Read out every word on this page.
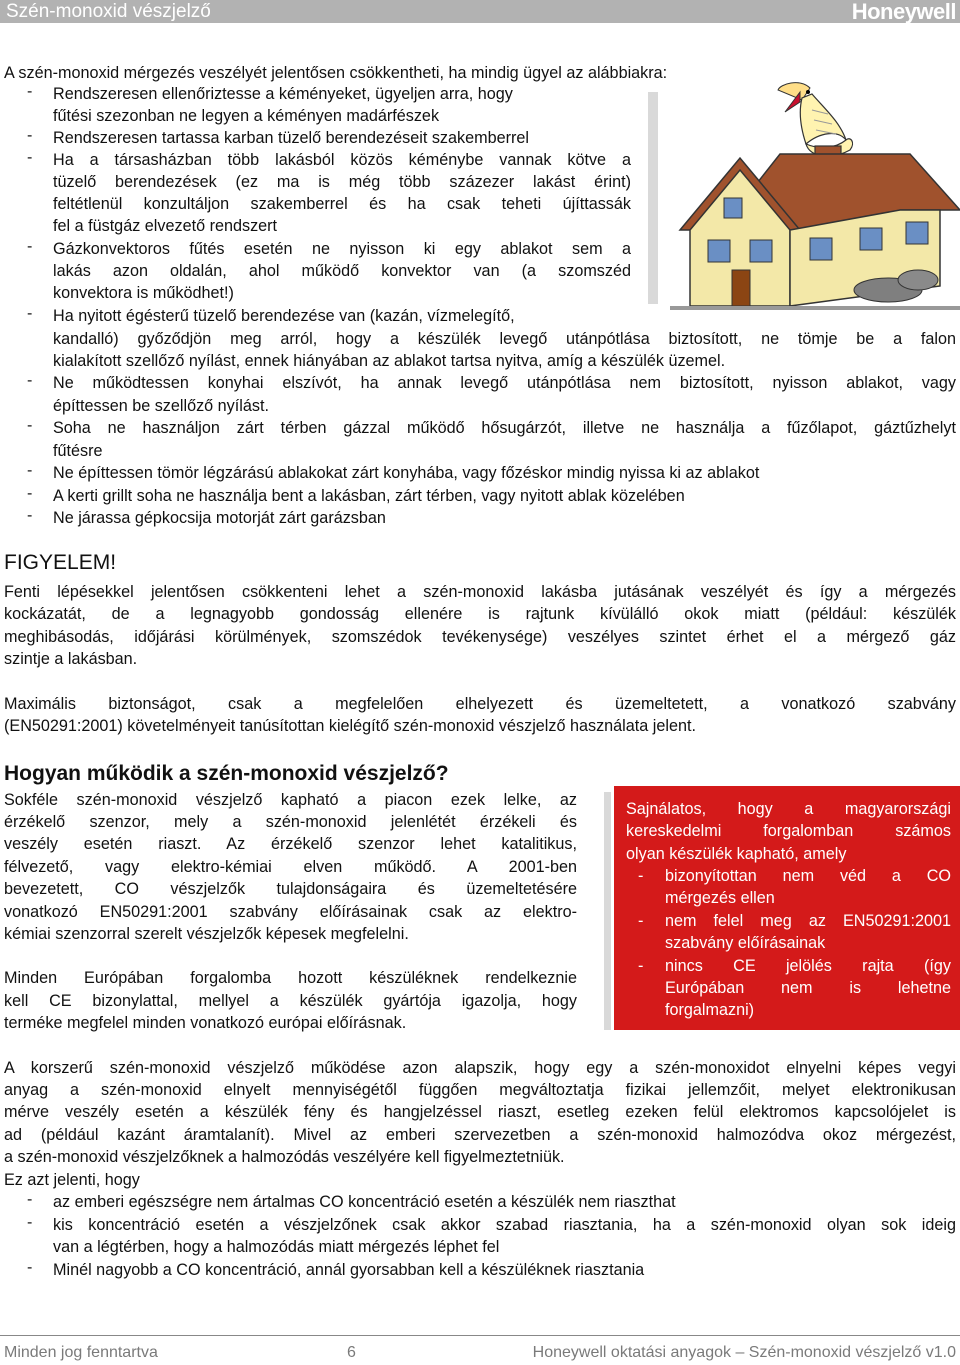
Szén-monoxid vészjelző	Honeywell
A szén-monoxid mérgezés veszélyét jelentősen csökkentheti, ha mindig ügyel az alábbiakra:
- Rendszeresen ellenőriztesse a kéményeket, ügyeljen arra, hogy
fűtési szezonban ne legyen a kéményen madárfészek
- Rendszeresen tartassa karban tüzelő berendezéseit szakemberrel
- Ha a társasházban több lakásból közös kéménybe vannak kötve a
tüzelő berendezések (ez ma is még több százezer lakást érint)
feltétlenül konzultáljon szakemberrel és ha csak teheti újíttassák
fel a füstgáz elvezető rendszert
- Gázkonvektoros fűtés esetén ne nyisson ki egy ablakot sem a
lakás azon oldalán, ahol működő konvektor van (a szomszéd
konvektora is működhet!)
- Ha nyitott égésterű tüzelő berendezése van (kazán, vízmelegítő,
kandalló) győződjön meg arról, hogy a készülék levegő utánpótlása biztosított, ne tömje be a falon
kialakított szellőző nyílást, ennek hiányában az ablakot tartsa nyitva, amíg a készülék üzemel.
- Ne működtessen konyhai elszívót, ha annak levegő utánpótlása nem biztosított, nyisson ablakot, vagy
építtessen be szellőző nyílást.
- Soha ne használjon zárt térben gázzal működő hősugárzót, illetve ne használja a fűzőlapot, gáztűzhelyt
fűtésre
- Ne építtessen tömör légzárású ablakokat zárt konyhába, vagy főzéskor mindig nyissa ki az ablakot
- A kerti grillt soha ne használja bent a lakásban, zárt térben, vagy nyitott ablak közelében
- Ne járassa gépkocsija motorját zárt garázsban
FIGYELEM!
Fenti lépésekkel jelentősen csökkenteni lehet a szén-monoxid lakásba jutásának veszélyét és így a mérgezés
kockázatát, de a legnagyobb gondosság ellenére is rajtunk kívülálló okok miatt (például: készülék
meghibásodás, időjárási körülmények, szomszédok tevékenysége) veszélyes szintet érhet el a mérgező gáz
szintje a lakásban.
Maximális biztonságot, csak a megfelelően elhelyezett és üzemeltetett, a vonatkozó szabvány
(EN50291:2001) követelményeit tanúsítottan kielégítő szén-monoxid vészjelző használata jelent.
Hogyan működik a szén-monoxid vészjelző?
Sokféle szén-monoxid vészjelző kapható a piacon ezek lelke, az
érzékelő szenzor, mely a szén-monoxid jelenlétét érzékeli és
veszély esetén riaszt. Az érzékelő szenzor lehet katalitikus,
félvezető, vagy elektro-kémiai elven működő. A 2001-ben
bevezetett, CO vészjelzők tulajdonságaira és üzemeltetésére
vonatkozó EN50291:2001 szabvány előírásainak csak az elektro-
kémiai szenzorral szerelt vészjelzők képesek megfelelni.
Minden Európában forgalomba hozott készüléknek rendelkeznie
kell CE bizonylattal, mellyel a készülék gyártója igazolja, hogy
terméke megfelel minden vonatkozó európai előírásnak.
Sajnálatos, hogy a magyarországi
kereskedelmi forgalomban számos
olyan készülék kapható, amely
- bizonyítottan nem véd a CO
mérgezés ellen
- nem felel meg az EN50291:2001
szabvány előírásainak
- nincs CE jelölés rajta (így
Európában nem is lehetne
forgalmazni)
A korszerű szén-monoxid vészjelző működése azon alapszik, hogy egy a szén-monoxidot elnyelni képes vegyi
anyag a szén-monoxid elnyelt mennyiségétől függően megváltoztatja fizikai jellemzőit, melyet elektronikusan
mérve veszély esetén a készülék fény és hangjelzéssel riaszt, esetleg ezeken felül elektromos kapcsolójelet is
ad (például kazánt áramtalanít). Mivel az emberi szervezetben a szén-monoxid halmozódva okoz mérgezést,
a szén-monoxid vészjelzőknek a halmozódás veszélyére kell figyelmeztetniük.
Ez azt jelenti, hogy
- az emberi egészségre nem ártalmas CO koncentráció esetén a készülék nem riaszthat
- kis koncentráció esetén a vészjelzőnek csak akkor szabad riasztania, ha a szén-monoxid olyan sok ideig
van a légtérben, hogy a halmozódás miatt mérgezés léphet fel
- Minél nagyobb a CO koncentráció, annál gyorsabban kell a készüléknek riasztania
Minden jog fenntartva	6	Honeywell oktatási anyagok – Szén-monoxid vészjelző v1.0
